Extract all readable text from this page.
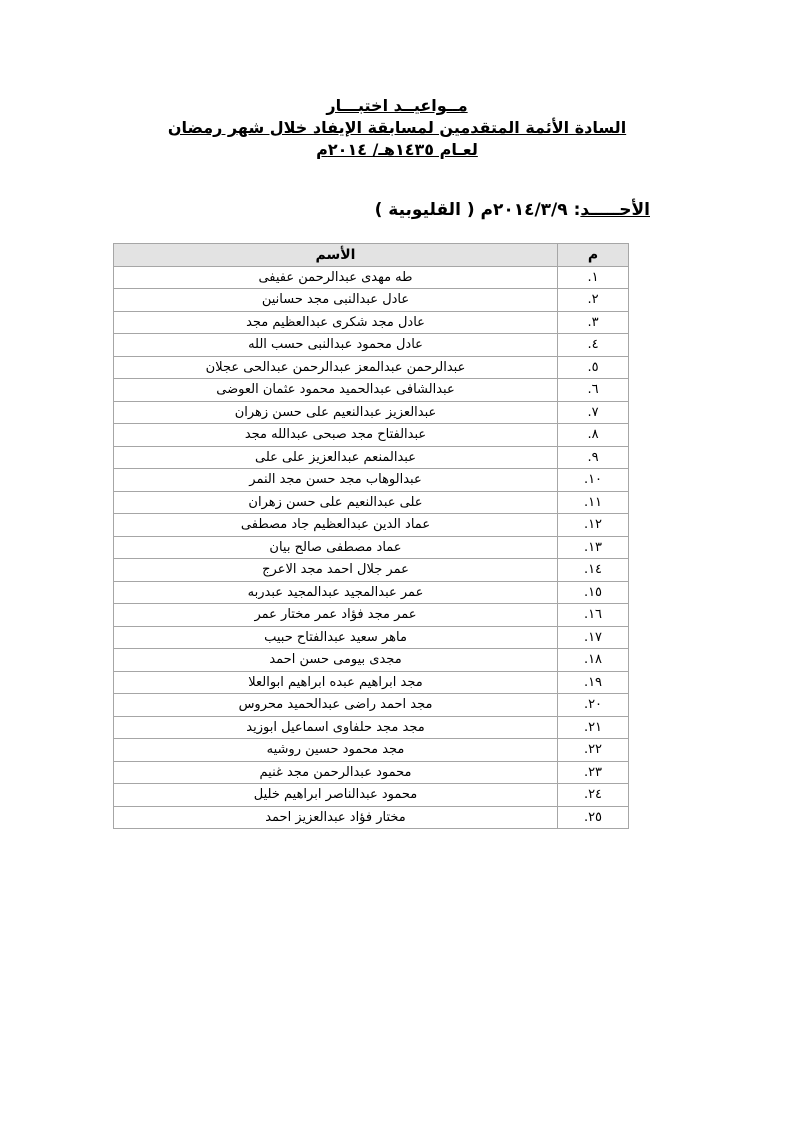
مــواعيــد اختبـــار

السادة الأئمة المتقدمين لمسابقة الإيفاد خلال شهر رمضان

لعـام ١٤٣٥هـ/ ٢٠١٤م

الأحـــــد: ٢٠١٤/٣/٩م ( القليوبية )
م	الأسم
١.	طه مهدى عبدالرحمن عفيفى
٢.	عادل عبدالنبى مجد حسانين
٣.	عادل مجد شكرى عبدالعظيم مجد
٤.	عادل محمود عبدالنبى حسب الله
٥.	عبدالرحمن عبدالمعز عبدالرحمن عبدالحى عجلان
٦.	عبدالشافى عبدالحميد محمود عثمان العوضى
٧.	عبدالعزيز عبدالنعيم على حسن زهران
٨.	عبدالفتاح مجد صبحى عبدالله مجد
٩.	عبدالمنعم عبدالعزيز على على
١٠.	عبدالوهاب مجد حسن مجد النمر
١١.	على عبدالنعيم على حسن زهران
١٢.	عماد الدين عبدالعظيم جاد مصطفى
١٣.	عماد مصطفى صالح بيان
١٤.	عمر جلال احمد مجد الاعرج
١٥.	عمر عبدالمجيد عبدالمجيد عبدربه
١٦.	عمر مجد فؤاد عمر مختار عمر
١٧.	ماهر سعيد عبدالفتاح حبيب
١٨.	مجدى بيومى حسن احمد
١٩.	مجد ابراهيم عبده ابراهيم ابوالعلا
٢٠.	مجد احمد راضى عبدالحميد محروس
٢١.	مجد مجد حلفاوى اسماعيل ابوزيد
٢٢.	مجد محمود حسين روشيه
٢٣.	محمود عبدالرحمن مجد غنيم
٢٤.	محمود عبدالناصر ابراهيم خليل
٢٥.	مختار فؤاد عبدالعزيز احمد
